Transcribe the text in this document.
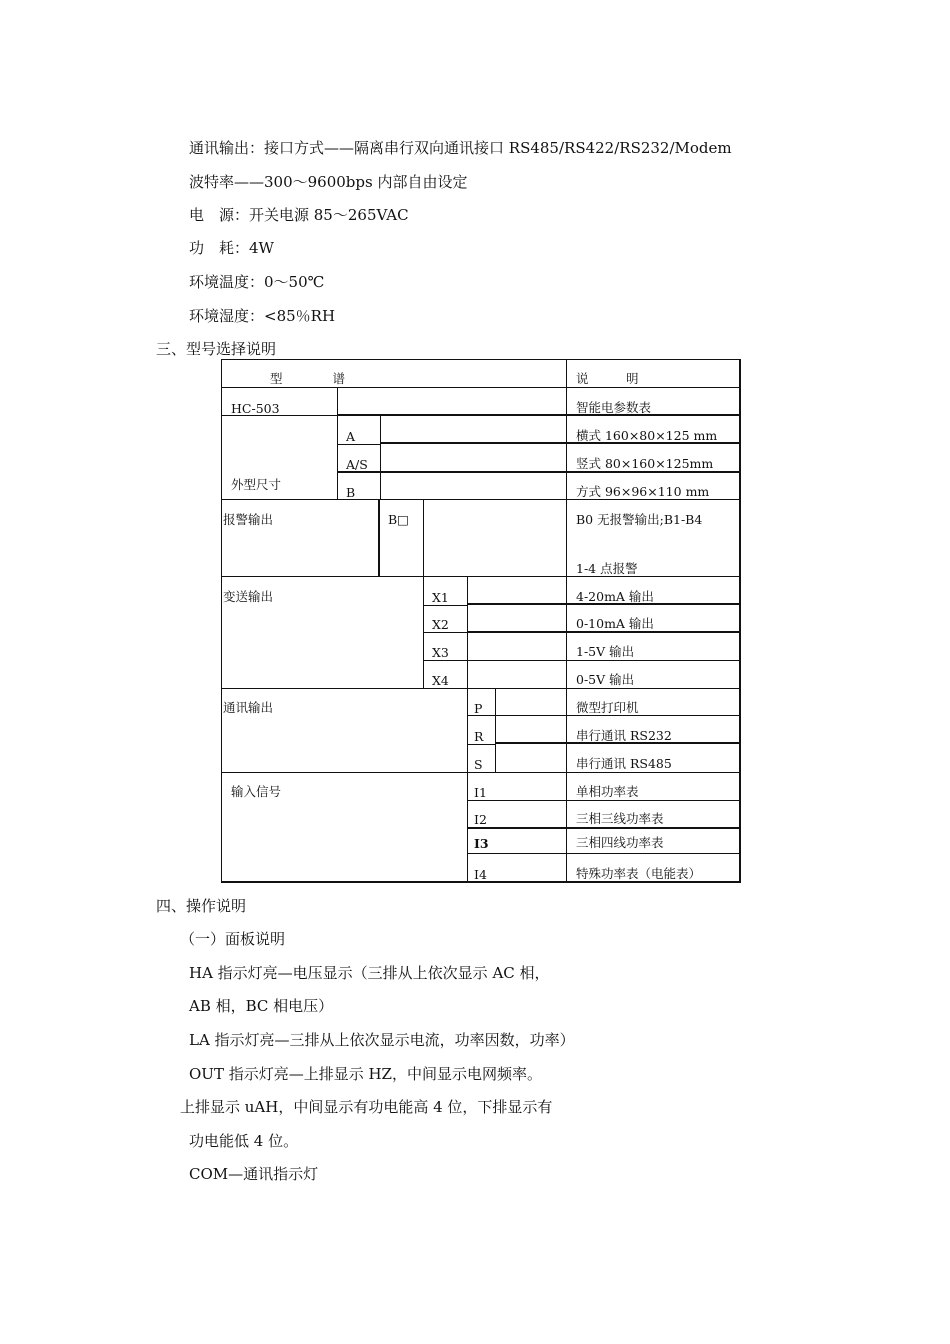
通讯输出：接口方式——隔离串行双向通讯接口 RS485/RS422/RS232/Modem
波特率——300～9600bps 内部自由设定
电　源：开关电源 85～265VAC
功　耗：4W
环境温度：0～50℃
环境湿度：<85％RH
三、型号选择说明
型　　　　谱	说　　　明
HC-503	智能电参数表
外型尺寸
A	横式 160×80×125 mm
A/S	竖式 80×160×125mm
B	方式 96×96×110 mm
报警输出	B□	B0 无报警输出;B1-B4
1-4 点报警
变送输出	X1	4-20mA 输出
X2	0-10mA 输出
X3	1-5V 输出
X4	0-5V 输出
通讯输出	P	微型打印机
R	串行通讯 RS232
S	串行通讯 RS485
输入信号	I1	单相功率表
I2	三相三线功率表
I3	三相四线功率表
I4	特殊功率表（电能表）
四、操作说明
（一）面板说明
HA 指示灯亮—电压显示（三排从上依次显示 AC 相，
AB 相，BC 相电压）
LA 指示灯亮—三排从上依次显示电流，功率因数，功率）
OUT 指示灯亮—上排显示 HZ，中间显示电网频率。
上排显示 uAH，中间显示有功电能高 4 位，下排显示有
功电能低 4 位。
COM—通讯指示灯
